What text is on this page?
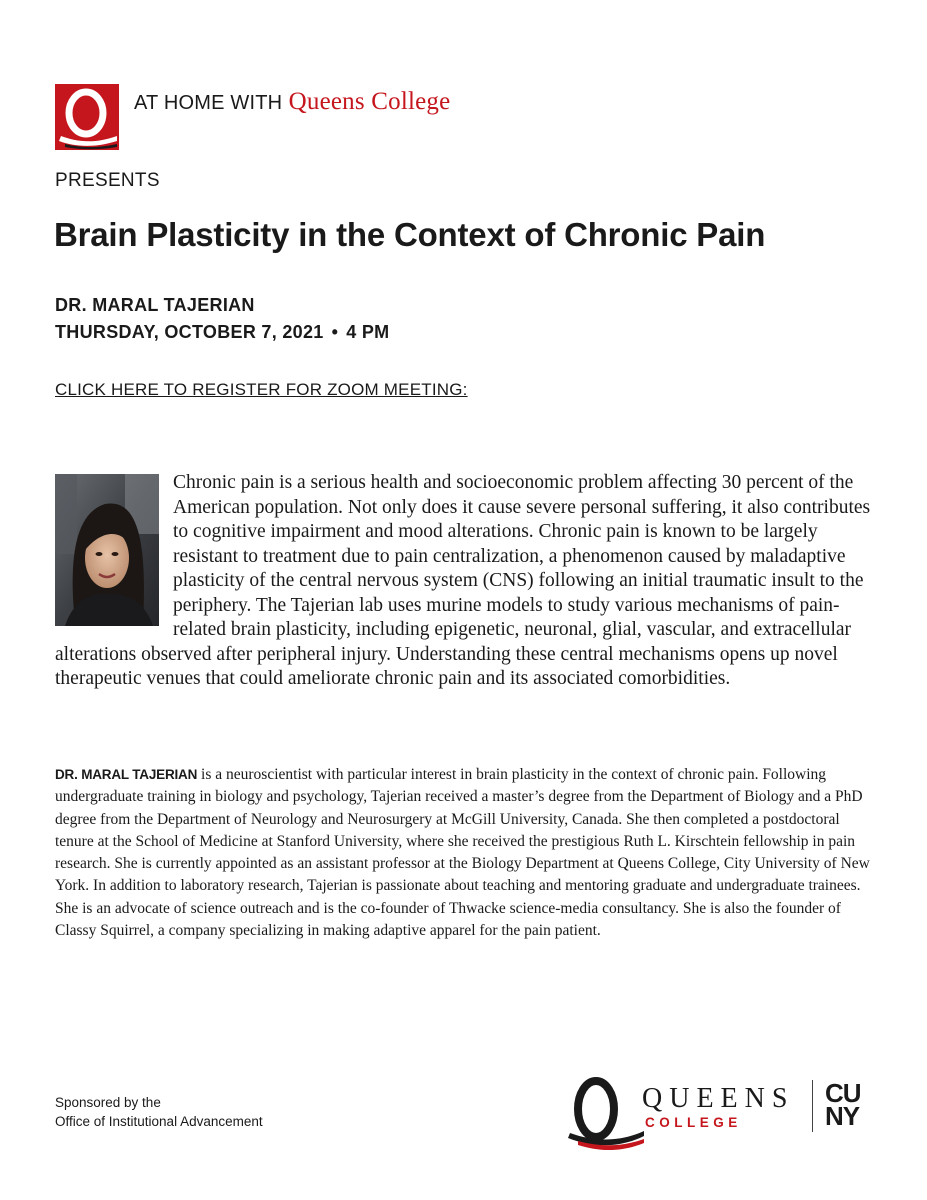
AT HOME WITH Queens College
PRESENTS
Brain Plasticity in the Context of Chronic Pain
DR. MARAL TAJERIAN
THURSDAY, OCTOBER 7, 2021 • 4 PM
CLICK HERE TO REGISTER FOR ZOOM MEETING:
Chronic pain is a serious health and socioeconomic problem affecting 30 percent of the American population. Not only does it cause severe personal suffering, it also contributes to cognitive impairment and mood alterations. Chronic pain is known to be largely resistant to treatment due to pain centralization, a phenomenon caused by maladaptive plasticity of the central nervous system (CNS) following an initial traumatic insult to the periphery. The Tajerian lab uses murine models to study various mechanisms of pain-related brain plasticity, including epigenetic, neuronal, glial, vascular, and extracellular alterations observed after peripheral injury. Understanding these central mechanisms opens up novel therapeutic venues that could ameliorate chronic pain and its associated comorbidities.
DR. MARAL TAJERIAN is a neuroscientist with particular interest in brain plasticity in the context of chronic pain. Following undergraduate training in biology and psychology, Tajerian received a master’s degree from the Department of Biology and a PhD degree from the Department of Neurology and Neurosurgery at McGill University, Canada. She then completed a postdoctoral tenure at the School of Medicine at Stanford University, where she received the prestigious Ruth L. Kirschtein fellowship in pain research. She is currently appointed as an assistant professor at the Biology Department at Queens College, City University of New York. In addition to laboratory research, Tajerian is passionate about teaching and mentoring graduate and undergraduate trainees. She is an advocate of science outreach and is the co-founder of Thwacke science-media consultancy. She is also the founder of Classy Squirrel, a company specializing in making adaptive apparel for the pain patient.
Sponsored by the
Office of Institutional Advancement
QUEENS
COLLEGE
CU
NY
